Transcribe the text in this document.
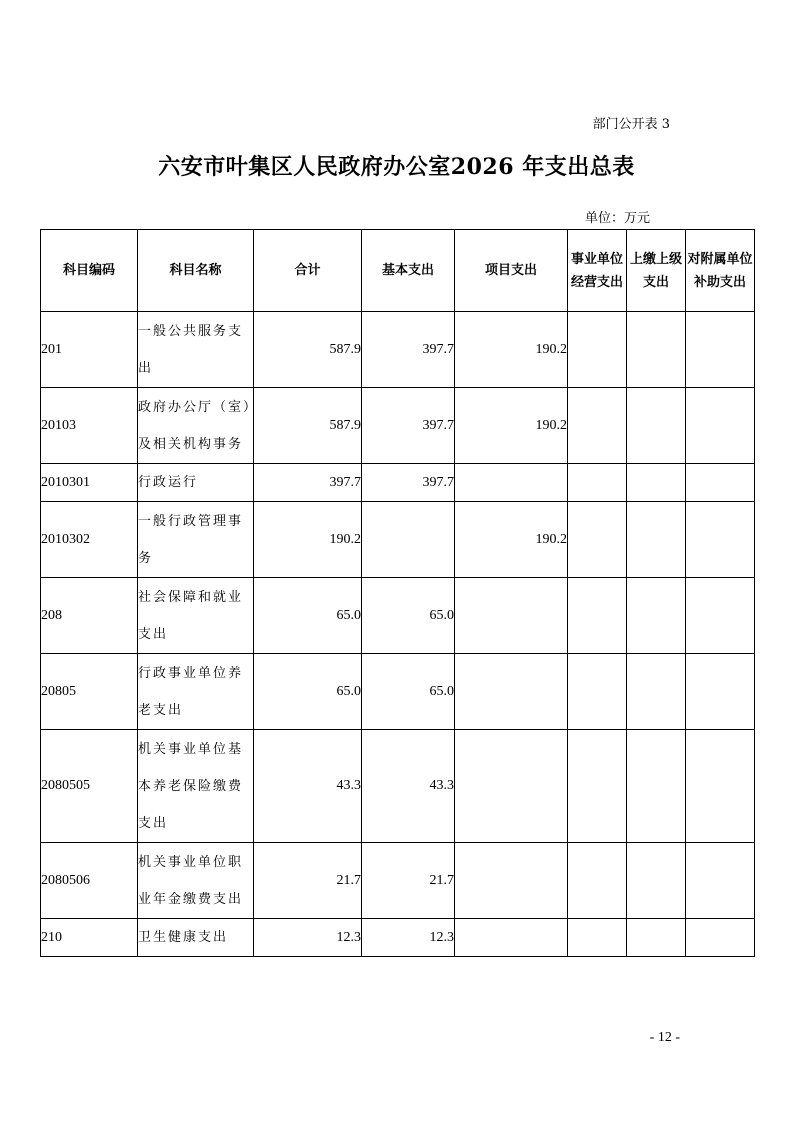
部门公开表 3
六安市叶集区人民政府办公室2026 年支出总表
单位：万元
科目编码	科目名称	合计	基本支出	项目支出	事业单位经营支出	上缴上级支出	对附属单位补助支出
201	一般公共服务支出	587.9	397.7	190.2			
20103	政府办公厅（室）及相关机构事务	587.9	397.7	190.2			
2010301	行政运行	397.7	397.7				
2010302	一般行政管理事务	190.2		190.2			
208	社会保障和就业支出	65.0	65.0				
20805	行政事业单位养老支出	65.0	65.0				
2080505	机关事业单位基本养老保险缴费支出	43.3	43.3				
2080506	机关事业单位职业年金缴费支出	21.7	21.7				
210	卫生健康支出	12.3	12.3				
- 12 -
